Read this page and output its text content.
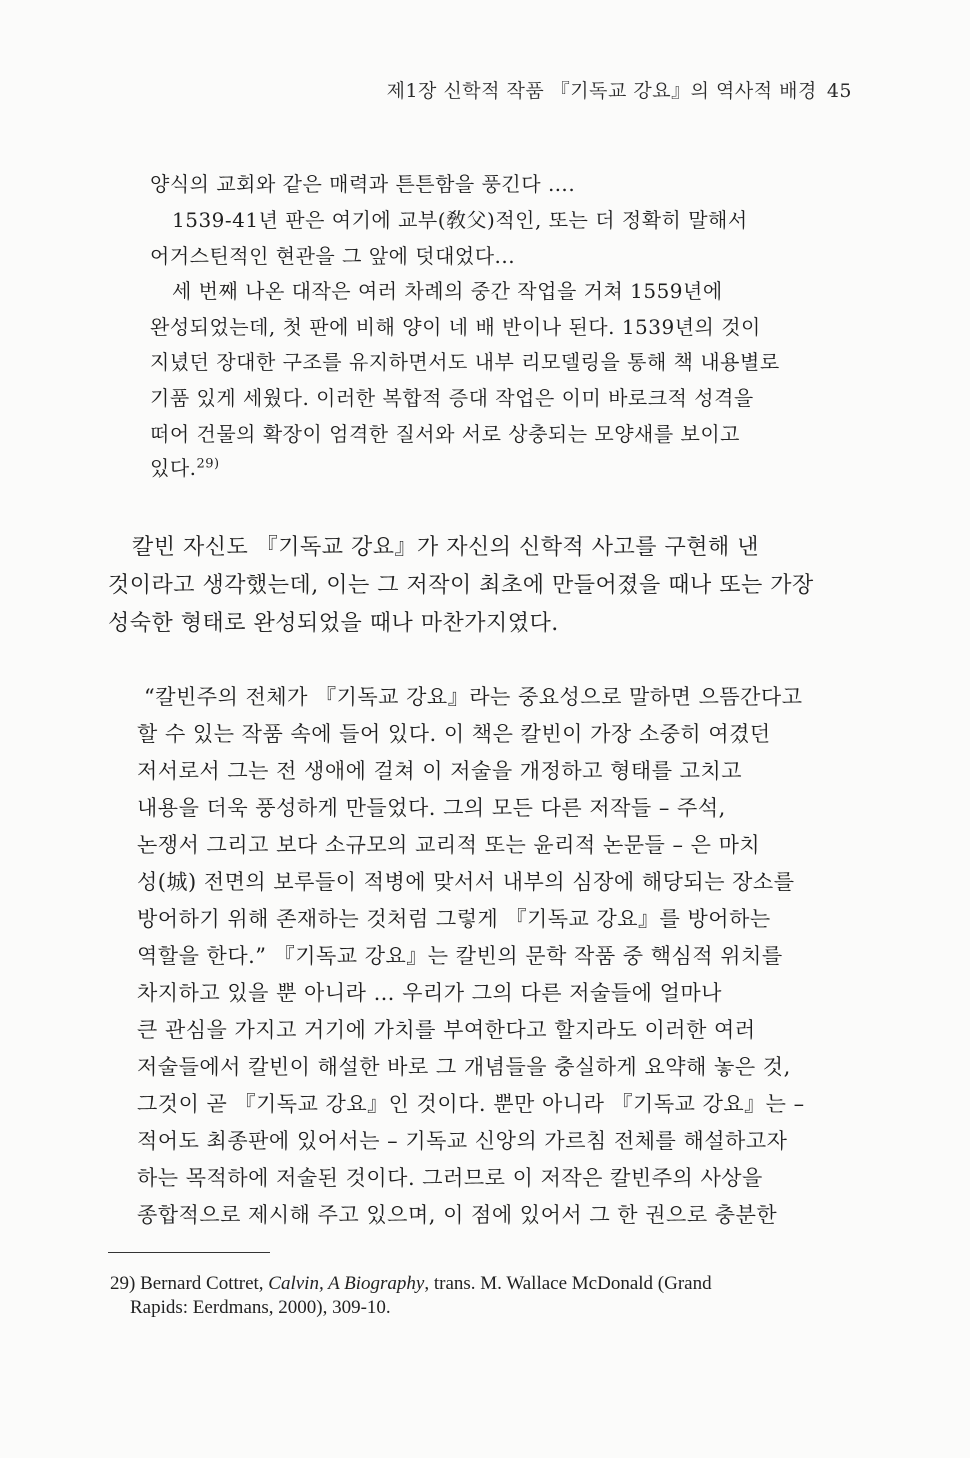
제1장 신학적 작품 『기독교 강요』의 역사적 배경 45
양식의 교회와 같은 매력과 튼튼함을 풍긴다 ….
1539-41년 판은 여기에 교부(敎父)적인, 또는 더 정확히 말해서
어거스틴적인 현관을 그 앞에 덧대었다...
세 번째 나온 대작은 여러 차례의 중간 작업을 거쳐 1559년에
완성되었는데, 첫 판에 비해 양이 네 배 반이나 된다. 1539년의 것이
지녔던 장대한 구조를 유지하면서도 내부 리모델링을 통해 책 내용별로
기품 있게 세웠다. 이러한 복합적 증대 작업은 이미 바로크적 성격을
떠어 건물의 확장이 엄격한 질서와 서로 상충되는 모양새를 보이고
있다.$^{29)}$
칼빈 자신도 『기독교 강요』가 자신의 신학적 사고를 구현해 낸
것이라고 생각했는데, 이는 그 저작이 최초에 만들어졌을 때나 또는 가장
성숙한 형태로 완성되었을 때나 마찬가지였다.
“칼빈주의 전체가 『기독교 강요』라는 중요성으로 말하면 으뜸간다고
할 수 있는 작품 속에 들어 있다. 이 책은 칼빈이 가장 소중히 여겼던
저서로서 그는 전 생애에 걸쳐 이 저술을 개정하고 형태를 고치고
내용을 더욱 풍성하게 만들었다. 그의 모든 다른 저작들 – 주석,
논쟁서 그리고 보다 소규모의 교리적 또는 윤리적 논문들 – 은 마치
성(城) 전면의 보루들이 적병에 맞서서 내부의 심장에 해당되는 장소를
방어하기 위해 존재하는 것처럼 그렇게 『기독교 강요』를 방어하는
역할을 한다.” 『기독교 강요』는 칼빈의 문학 작품 중 핵심적 위치를
차지하고 있을 뿐 아니라 … 우리가 그의 다른 저술들에 얼마나
큰 관심을 가지고 거기에 가치를 부여한다고 할지라도 이러한 여러
저술들에서 칼빈이 해설한 바로 그 개념들을 충실하게 요약해 놓은 것,
그것이 곧 『기독교 강요』인 것이다. 뿐만 아니라 『기독교 강요』는 –
적어도 최종판에 있어서는 – 기독교 신앙의 가르침 전체를 해설하고자
하는 목적하에 저술된 것이다. 그러므로 이 저작은 칼빈주의 사상을
종합적으로 제시해 주고 있으며, 이 점에 있어서 그 한 권으로 충분한
29) Bernard Cottret, Calvin, A Biography, trans. M. Wallace McDonald (Grand
Rapids: Eerdmans, 2000), 309-10.
